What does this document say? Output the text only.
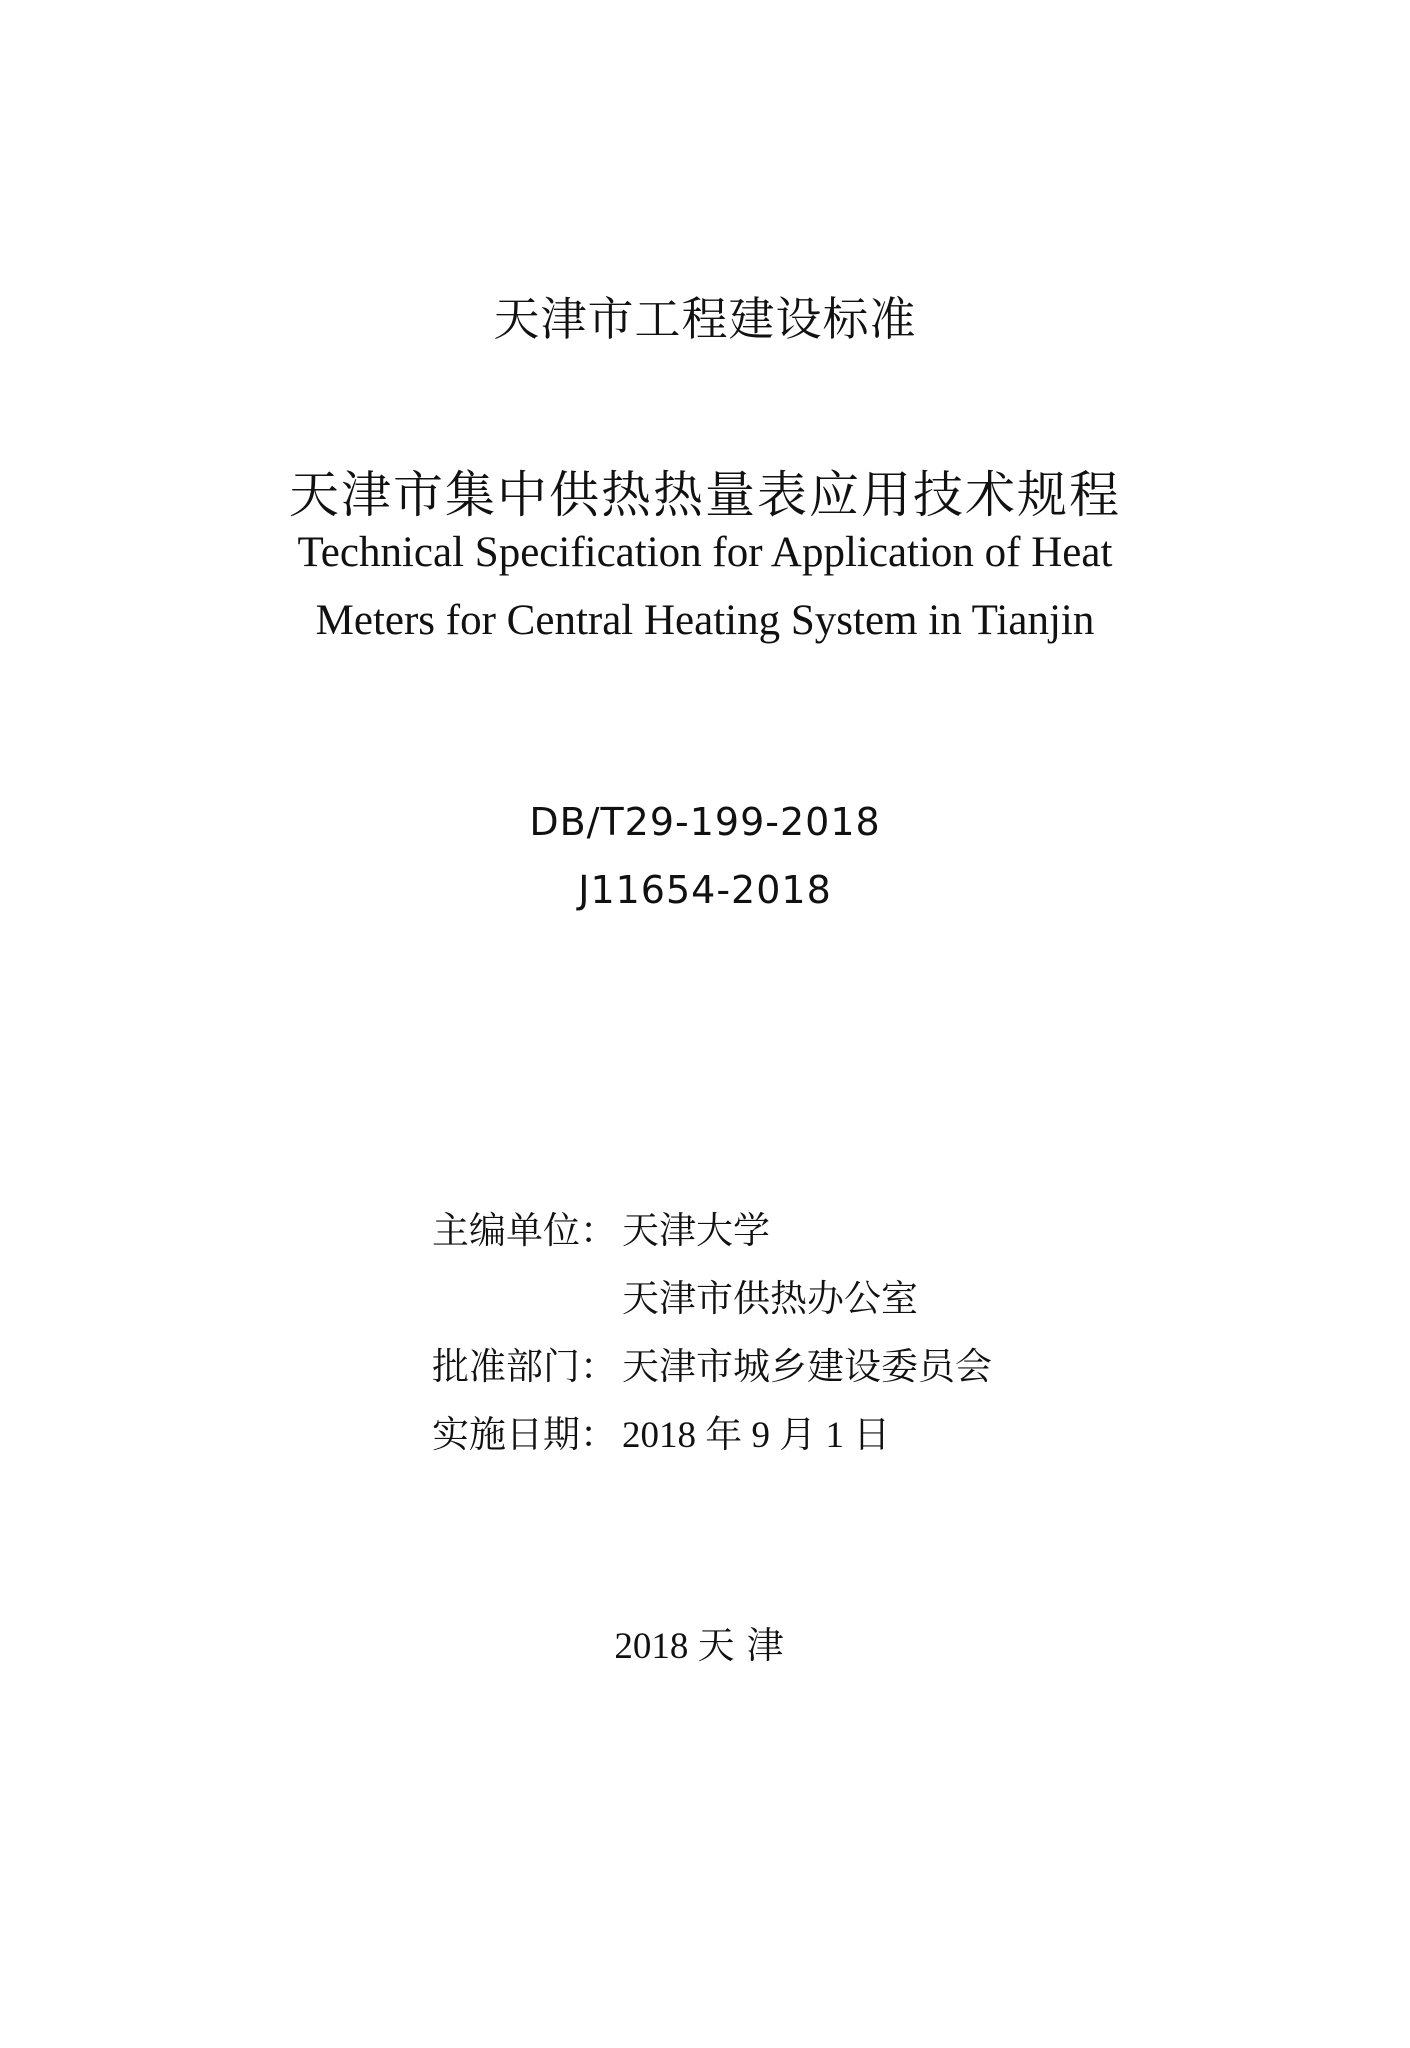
天津市工程建设标准
天津市集中供热热量表应用技术规程
Technical Specification for Application of Heat
Meters for Central Heating System in Tianjin
DB/T29-199-2018
J11654-2018
主编单位： 天津大学
天津市供热办公室
批准部门： 天津市城乡建设委员会
实施日期： 2018 年 9 月 1 日
2018 天津
